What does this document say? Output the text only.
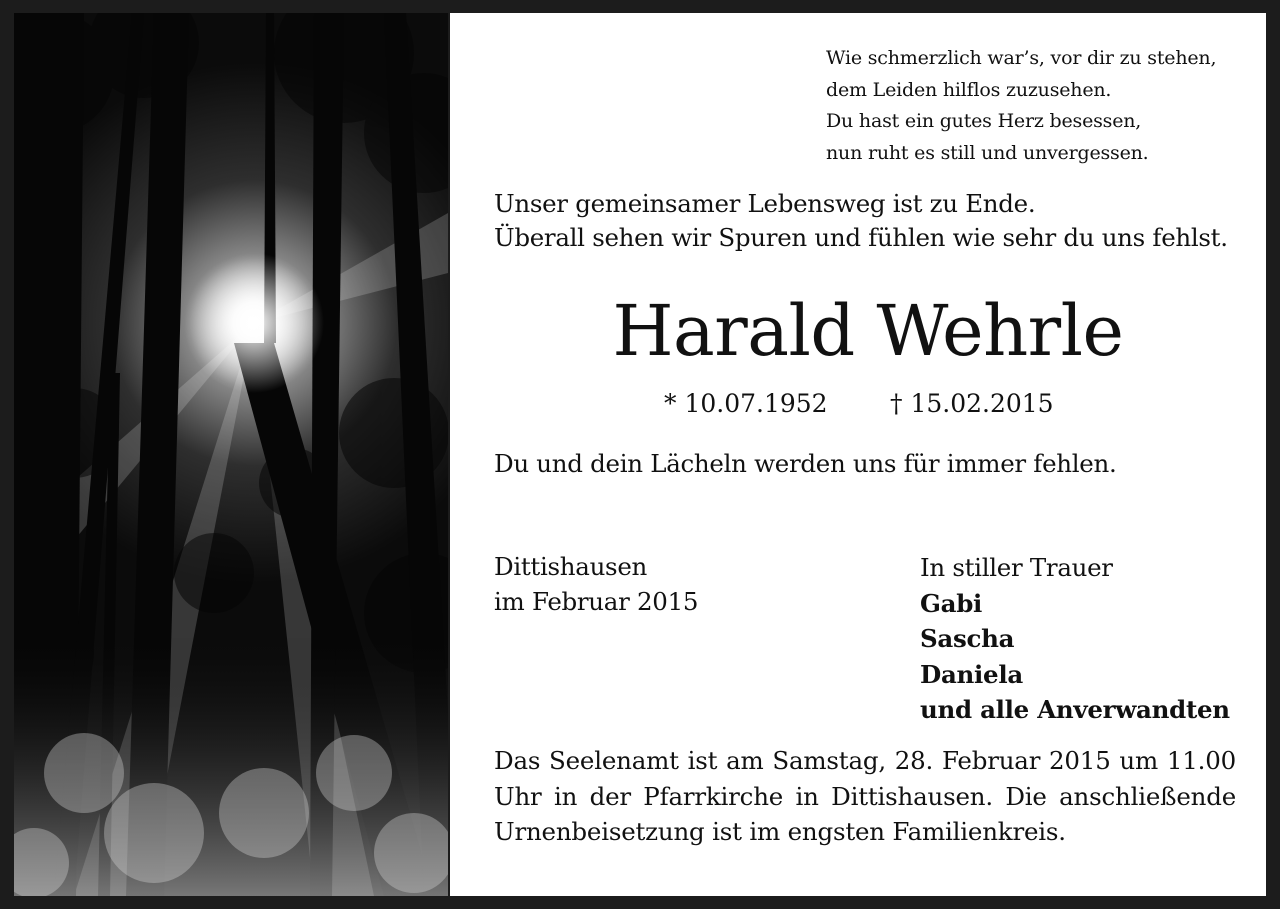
Wie schmerzlich war’s, vor dir zu stehen,
dem Leiden hilflos zuzusehen.
Du hast ein gutes Herz besessen,
nun ruht es still und unvergessen.
Unser gemeinsamer Lebensweg ist zu Ende.
Überall sehen wir Spuren und fühlen wie sehr du uns fehlst.
Harald Wehrle
* 10.07.1952 † 15.02.2015
Du und dein Lächeln werden uns für immer fehlen.
Dittishausen
im Februar 2015
In stiller Trauer
Gabi
Sascha
Daniela
und alle Anverwandten
Das Seelenamt ist am Samstag, 28. Februar 2015 um 11.00 Uhr in der Pfarrkirche in Dittishausen. Die anschließende Urnenbeisetzung ist im engsten Familienkreis.
